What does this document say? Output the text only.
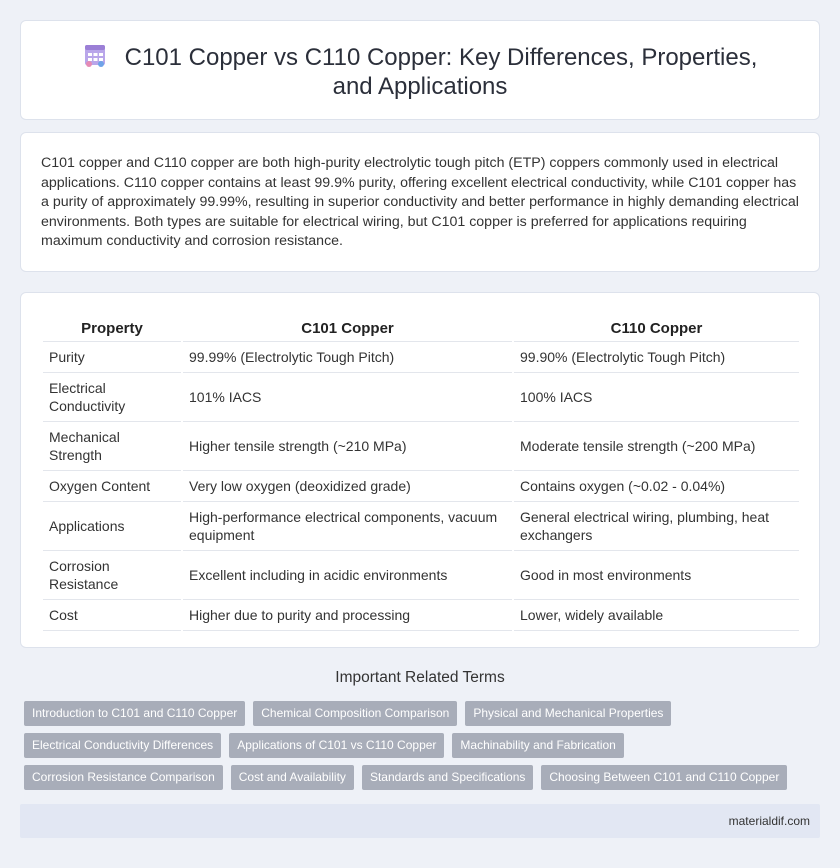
C101 Copper vs C110 Copper: Key Differences, Properties, and Applications

C101 copper and C110 copper are both high-purity electrolytic tough pitch (ETP) coppers commonly used in electrical applications. C110 copper contains at least 99.9% purity, offering excellent electrical conductivity, while C101 copper has a purity of approximately 99.99%, resulting in superior conductivity and better performance in highly demanding electrical environments. Both types are suitable for electrical wiring, but C101 copper is preferred for applications requiring maximum conductivity and corrosion resistance.

Property	C101 Copper	C110 Copper
Purity	99.99% (Electrolytic Tough Pitch)	99.90% (Electrolytic Tough Pitch)
Electrical Conductivity	101% IACS	100% IACS
Mechanical Strength	Higher tensile strength (~210 MPa)	Moderate tensile strength (~200 MPa)
Oxygen Content	Very low oxygen (deoxidized grade)	Contains oxygen (~0.02 - 0.04%)
Applications	High-performance electrical components, vacuum equipment	General electrical wiring, plumbing, heat exchangers
Corrosion Resistance	Excellent including in acidic environments	Good in most environments
Cost	Higher due to purity and processing	Lower, widely available
Important Related Terms
Introduction to C101 and C110 Copper	Chemical Composition Comparison	Physical and Mechanical Properties
Electrical Conductivity Differences	Applications of C101 vs C110 Copper	Machinability and Fabrication
Corrosion Resistance Comparison	Cost and Availability	Standards and Specifications	Choosing Between C101 and C110 Copper
materialdif.com
